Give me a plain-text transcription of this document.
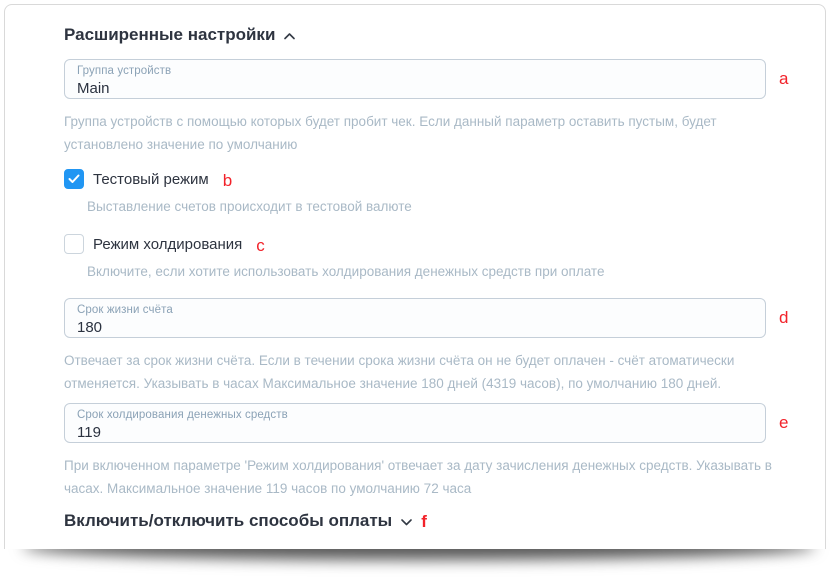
Расширенные настройки
Группа устройств
Main	a

Группа устройств с помощью которых будет пробит чек. Если данный параметр оставить пустым, будет установлено значение по умолчанию

Тестовый режим b

Выставление счетов происходит в тестовой валюте

Режим холдирования c

Включите, если хотите использовать холдирования денежных средств при оплате

Срок жизни счёта
180	d

Отвечает за срок жизни счёта. Если в течении срока жизни счёта он не будет оплачен - счёт атоматически отменяется. Указывать в часах Максимальное значение 180 дней (4319 часов), по умолчанию 180 дней.

Срок холдирования денежных средств
119	e

При включенном параметре 'Режим холдирования' отвечает за дату зачисления денежных средств. Указывать в часах. Максимальное значение 119 часов по умолчанию 72 часа

Включить/отключить способы оплаты f
